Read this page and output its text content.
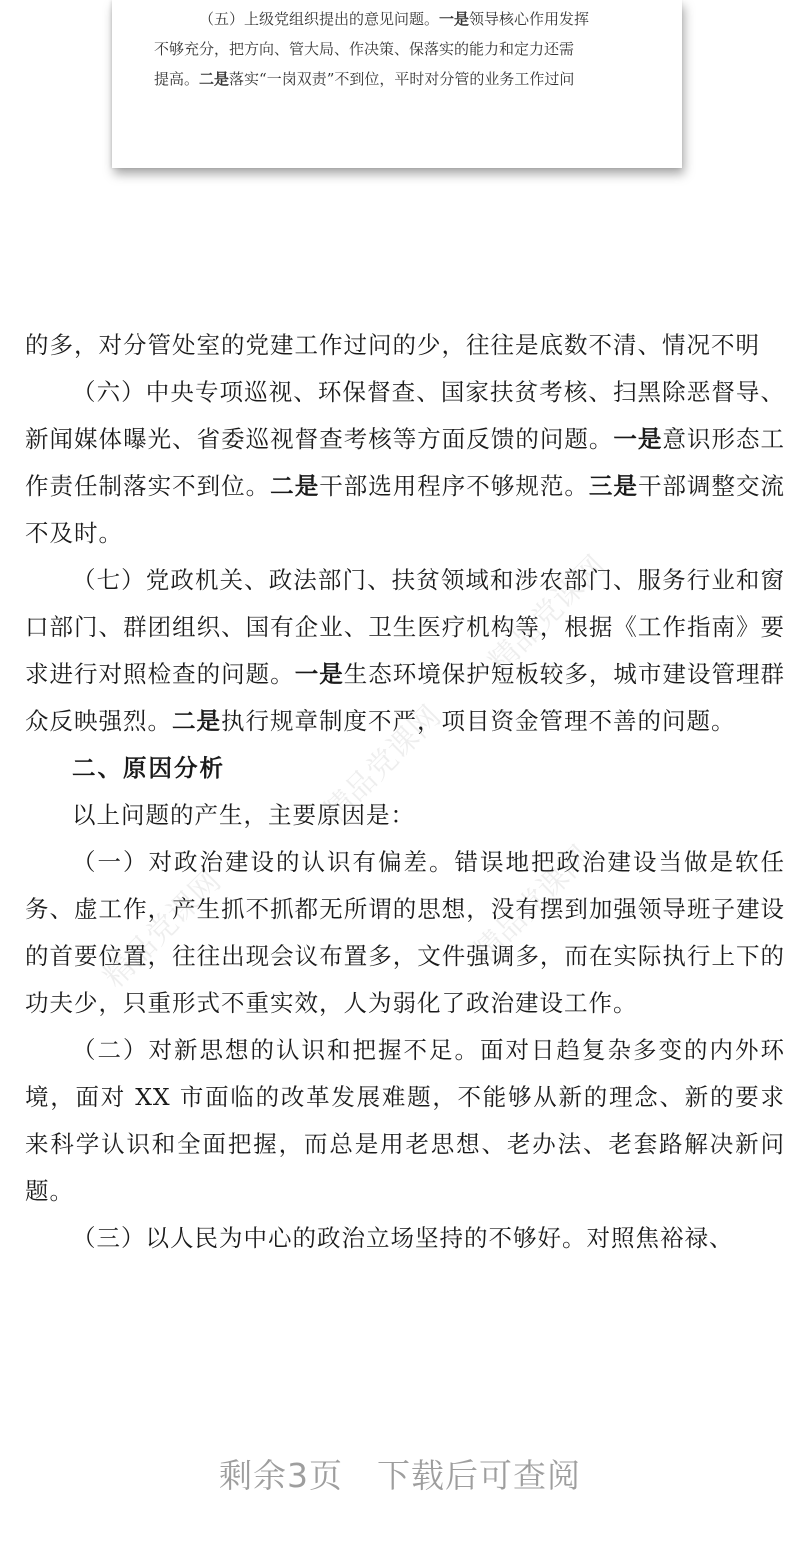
（五）上级党组织提出的意见问题。一是领导核心作用发挥

不够充分，把方向、管大局、作决策、保落实的能力和定力还需

提高。二是落实“一岗双责”不到位，平时对分管的业务工作过问

精品党课网
精品党课网
精品党课网	精品党课网

的多，对分管处室的党建工作过问的少，往往是底数不清、情况不明

（六）中央专项巡视、环保督查、国家扶贫考核、扫黑除恶督导、新闻媒体曝光、省委巡视督查考核等方面反馈的问题。一是意识形态工作责任制落实不到位。二是干部选用程序不够规范。三是干部调整交流不及时。

（七）党政机关、政法部门、扶贫领域和涉农部门、服务行业和窗口部门、群团组织、国有企业、卫生医疗机构等，根据《工作指南》要求进行对照检查的问题。一是生态环境保护短板较多，城市建设管理群众反映强烈。二是执行规章制度不严，项目资金管理不善的问题。

二、原因分析

以上问题的产生，主要原因是：

（一）对政治建设的认识有偏差。错误地把政治建设当做是软任务、虚工作，产生抓不抓都无所谓的思想，没有摆到加强领导班子建设的首要位置，往往出现会议布置多，文件强调多，而在实际执行上下的功夫少，只重形式不重实效，人为弱化了政治建设工作。

（二）对新思想的认识和把握不足。面对日趋复杂多变的内外环境，面对 XX 市面临的改革发展难题，不能够从新的理念、新的要求来科学认识和全面把握，而总是用老思想、老办法、老套路解决新问题。

（三）以人民为中心的政治立场坚持的不够好。对照焦裕禄、

剩余3页 下载后可查阅
